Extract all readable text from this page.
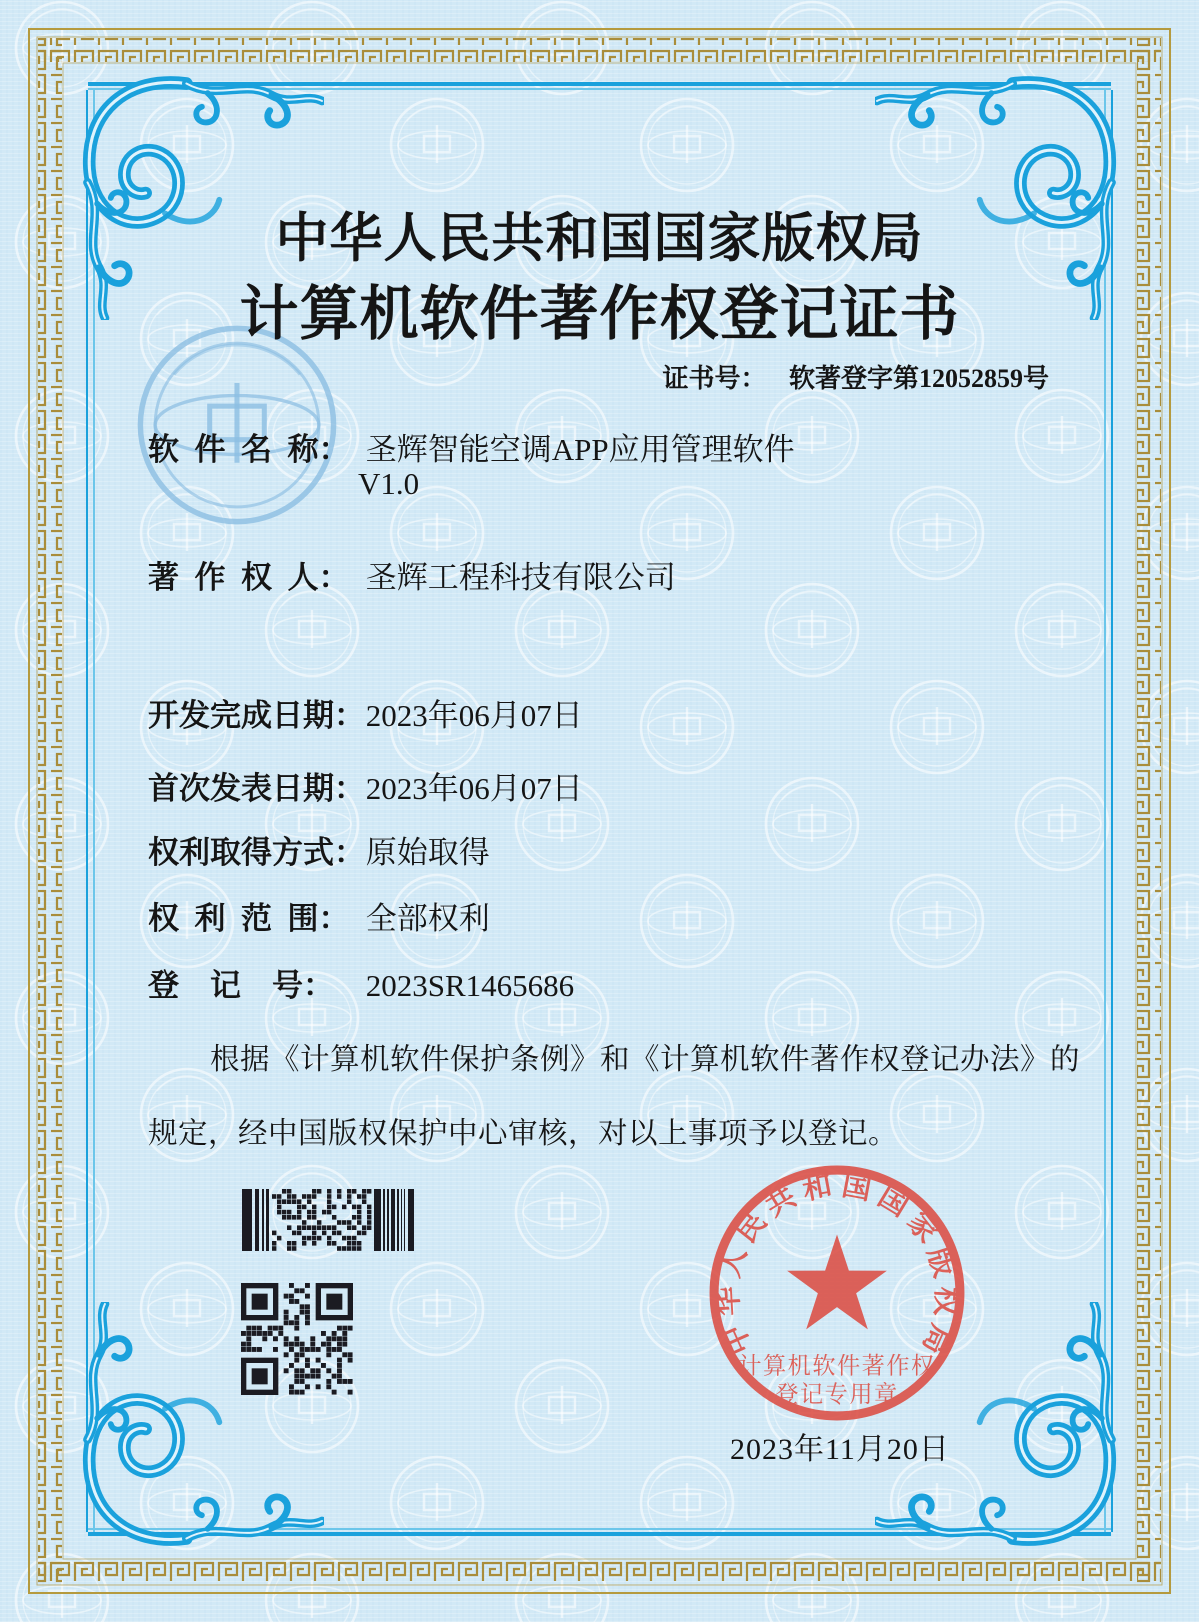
中华人民共和国国家版权局
计算机软件著作权登记证书
证书号： 软著登字第12052859号
软 件 名 称： 圣辉智能空调APP应用管理软件
V1.0
著 作 权 人： 圣辉工程科技有限公司
开发完成日期： 2023年06月07日
首次发表日期： 2023年06月07日
权利取得方式： 原始取得
权 利 范 围： 全部权利
登　记　号： 2023SR1465686
根据《计算机软件保护条例》和《计算机软件著作权登记办法》的
规定，经中国版权保护中心审核，对以上事项予以登记。
2023年11月20日
中
华
人
民
共
和 国
国
家
版
权
局
计算机软件著作权
登记专用章
